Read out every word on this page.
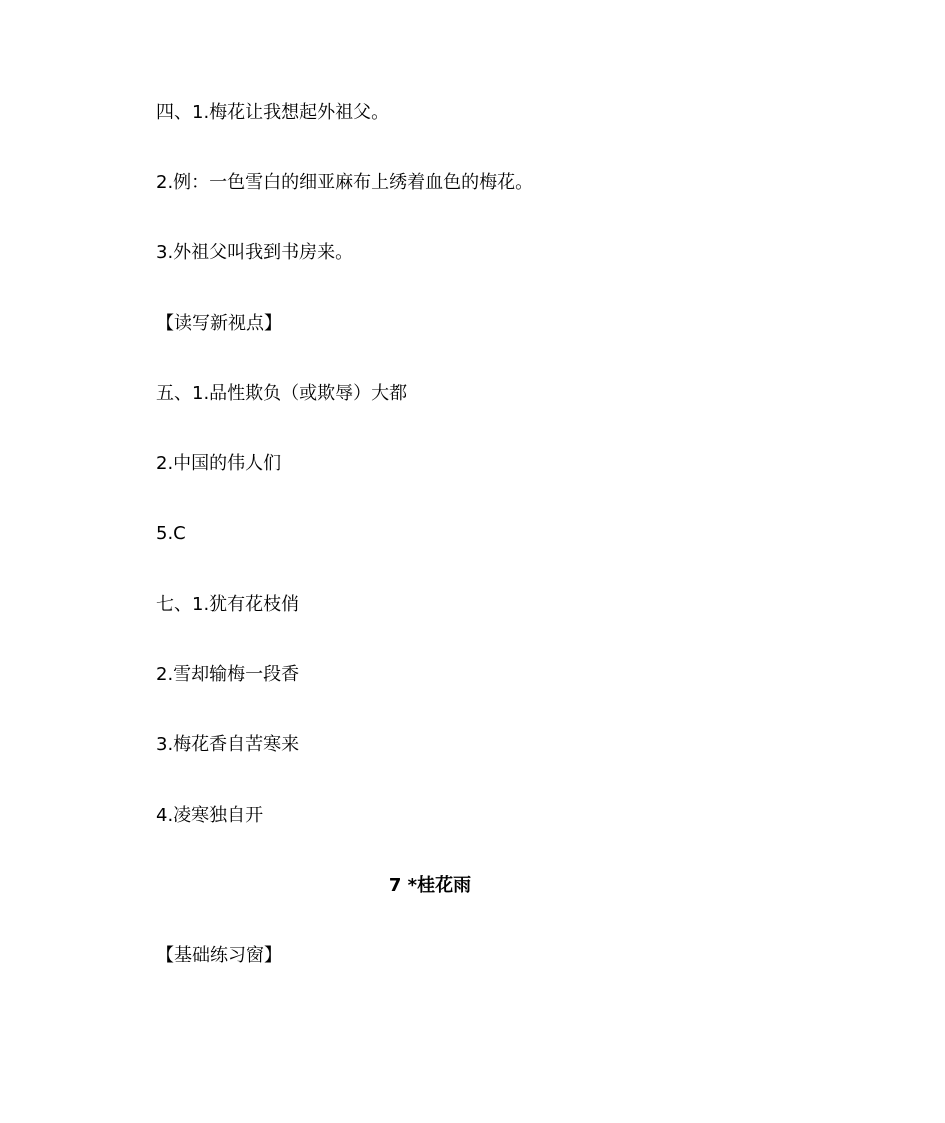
四、1.梅花让我想起外祖父。
2.例：一色雪白的细亚麻布上绣着血色的梅花。
3.外祖父叫我到书房来。
【读写新视点】
五、1.品性欺负（或欺辱）大都
2.中国的伟人们
5.C
七、1.犹有花枝俏
2.雪却输梅一段香
3.梅花香自苦寒来
4.凌寒独自开
7 *桂花雨
【基础练习窗】
